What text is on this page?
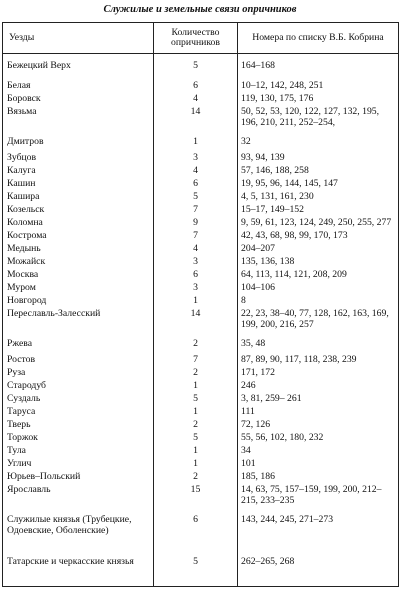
Служилые и земельные связи опричников
Уезды	Количество опричников	Номера по списку В.Б. Кобрина
Бежецкий Верх	5	164–168
Белая	6	10–12, 142, 248, 251
Боровск	4	119, 130, 175, 176
Вязьма	14	50, 52, 53, 120, 122, 127, 132, 195, 196, 210, 211, 252–254,
Дмитров	1	32
Зубцов	3	93, 94, 139
Калуга	4	57, 146, 188, 258
Кашин	6	19, 95, 96, 144, 145, 147
Кашира	5	4, 5, 131, 161, 230
Козельск	7	15–17, 149–152
Коломна	9	9, 59, 61, 123, 124, 249, 250, 255, 277
Кострома	7	42, 43, 68, 98, 99, 170, 173
Медынь	4	204–207
Можайск	3	135, 136, 138
Москва	6	64, 113, 114, 121, 208, 209
Муром	3	104–106
Новгород	1	8
Переславль-Залесский	14	22, 23, 38–40, 77, 128, 162, 163, 169, 199, 200, 216, 257
Ржева	2	35, 48
Ростов	7	87, 89, 90, 117, 118, 238, 239
Руза	2	171, 172
Стародуб	1	246
Суздаль	5	3, 81, 259– 261
Таруса	1	111
Тверь	2	72, 126
Торжок	5	55, 56, 102, 180, 232
Тула	1	34
Углич	1	101
Юрьев–Польский	2	185, 186
Ярославль	15	14, 63, 75, 157–159, 199, 200, 212–215, 233–235
Служилые князья (Трубецкие, Одоевские, Оболенские)	6	143, 244, 245, 271–273
Татарские и черкасские князья	5	262–265, 268
